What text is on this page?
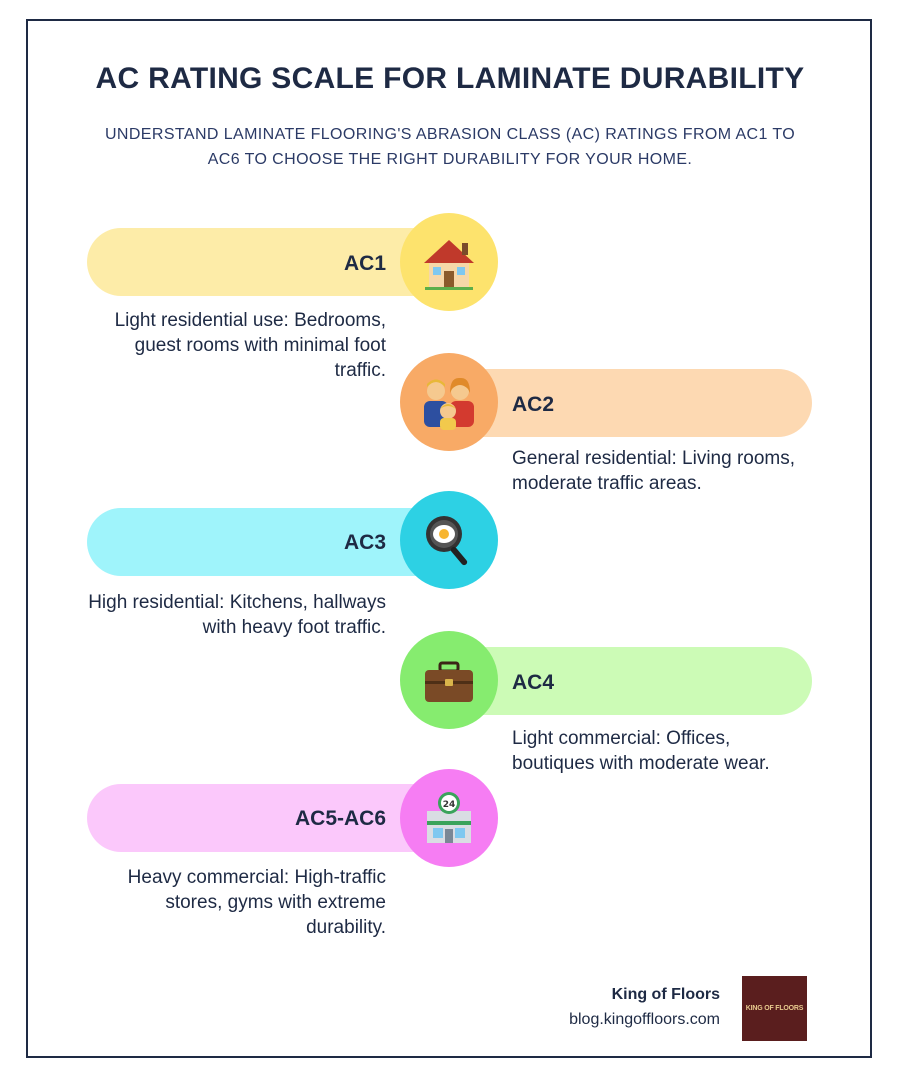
AC RATING SCALE FOR LAMINATE DURABILITY

UNDERSTAND LAMINATE FLOORING'S ABRASION CLASS (AC) RATINGS FROM AC1 TO AC6 TO CHOOSE THE RIGHT DURABILITY FOR YOUR HOME.

AC1
Light residential use: Bedrooms, guest rooms with minimal foot traffic.
AC2
General residential: Living rooms, moderate traffic areas.
AC3
High residential: Kitchens, hallways with heavy foot traffic.
AC4
Light commercial: Offices, boutiques with moderate wear.
24
AC5-AC6
Heavy commercial: High-traffic stores, gyms with extreme durability.
King of Floors
blog.kingoffloors.com
KING OF FLOORS
